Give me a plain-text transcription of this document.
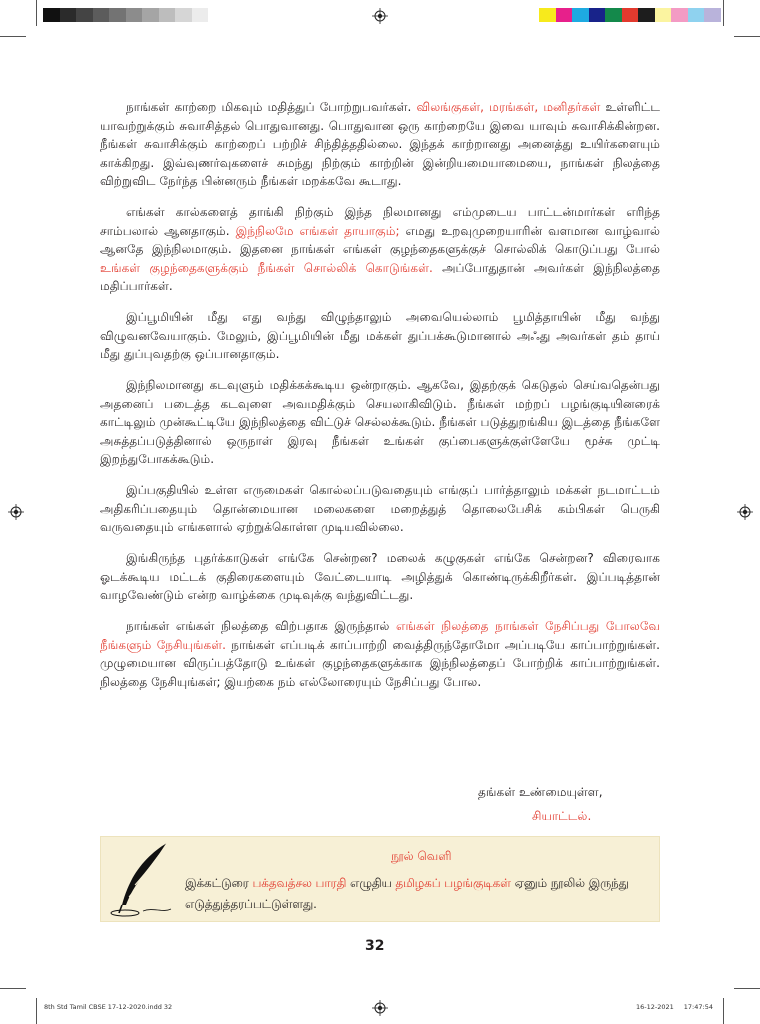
நாங்கள் காற்றை மிகவும் மதித்துப் போற்றுபவர்கள். விலங்குகள், மரங்கள், மனிதர்கள் உள்ளிட்ட யாவற்றுக்கும் சுவாசித்தல் பொதுவானது. பொதுவான ஒரு காற்றையே இவை யாவும் சுவாசிக்கின்றன. நீங்கள் சுவாசிக்கும் காற்றைப் பற்றிச் சிந்தித்ததில்லை. இந்தக் காற்றானது அனைத்து உயிர்களையும் காக்கிறது. இவ்வுணர்வுகளைச் சுமந்து நிற்கும் காற்றின் இன்றியமையாமையை, நாங்கள் நிலத்தை விற்றுவிட நேர்ந்த பின்னரும் நீங்கள் மறக்கவே கூடாது.

எங்கள் கால்களைத் தாங்கி நிற்கும் இந்த நிலமானது எம்முடைய பாட்டன்மார்கள் எரிந்த சாம்பலால் ஆனதாகும். இந்நிலமே எங்கள் தாயாகும்; எமது உறவுமுறையாரின் வளமான வாழ்வால் ஆனதே இந்நிலமாகும். இதனை நாங்கள் எங்கள் குழந்தைகளுக்குச் சொல்லிக் கொடுப்பது போல் உங்கள் குழந்தைகளுக்கும் நீங்கள் சொல்லிக் கொடுங்கள். அப்போதுதான் அவர்கள் இந்நிலத்தை மதிப்பார்கள்.

இப்பூமியின் மீது எது வந்து விழுந்தாலும் அவையெல்லாம் பூமித்தாயின் மீது வந்து விழுவனவேயாகும். மேலும், இப்பூமியின் மீது மக்கள் துப்பக்கூடுமானால் அஃது அவர்கள் தம் தாய் மீது துப்புவதற்கு ஒப்பானதாகும்.

இந்நிலமானது கடவுளும் மதிக்கக்கூடிய ஒன்றாகும். ஆகவே, இதற்குக் கெடுதல் செய்வதென்பது அதனைப் படைத்த கடவுளை அவமதிக்கும் செயலாகிவிடும். நீங்கள் மற்றப் பழங்குடியினரைக் காட்டிலும் முன்கூட்டியே இந்நிலத்தை விட்டுச் செல்லக்கூடும். நீங்கள் படுத்துறங்கிய இடத்தை நீங்களே அசுத்தப்படுத்தினால் ஒருநாள் இரவு நீங்கள் உங்கள் குப்பைகளுக்குள்ளேயே மூச்சு முட்டி இறந்துபோகக்கூடும்.

இப்பகுதியில் உள்ள எருமைகள் கொல்லப்படுவதையும் எங்குப் பார்த்தாலும் மக்கள் நடமாட்டம் அதிகரிப்பதையும் தொன்மையான மலைகளை மறைத்துத் தொலைபேசிக் கம்பிகள் பெருகி வருவதையும் எங்களால் ஏற்றுக்கொள்ள முடியவில்லை.

இங்கிருந்த புதர்க்காடுகள் எங்கே சென்றன? மலைக் கழுகுகள் எங்கே சென்றன? விரைவாக ஓடக்கூடிய மட்டக் குதிரைகளையும் வேட்டையாடி அழித்துக் கொண்டிருக்கிறீர்கள். இப்படித்தான் வாழவேண்டும் என்ற வாழ்க்கை முடிவுக்கு வந்துவிட்டது.

நாங்கள் எங்கள் நிலத்தை விற்பதாக இருந்தால் எங்கள் நிலத்தை நாங்கள் நேசிப்பது போலவே நீங்களும் நேசியுங்கள். நாங்கள் எப்படிக் காப்பாற்றி வைத்திருந்தோமோ அப்படியே காப்பாற்றுங்கள். முழுமையான விருப்பத்தோடு உங்கள் குழந்தைகளுக்காக இந்நிலத்தைப் போற்றிக் காப்பாற்றுங்கள். நிலத்தை நேசியுங்கள்; இயற்கை நம் எல்லோரையும் நேசிப்பது போல.

தங்கள் உண்மையுள்ள,
சியாட்டல்.
நூல் வெளி
இக்கட்டுரை பக்தவத்சல பாரதி எழுதிய தமிழகப் பழங்குடிகள் ஏனும் நூலில் இருந்து எடுத்துத்தரப்பட்டுள்ளது.
32
8th Std Tamil CBSE 17-12-2020.indd 32	16-12-2021 17:47:54
